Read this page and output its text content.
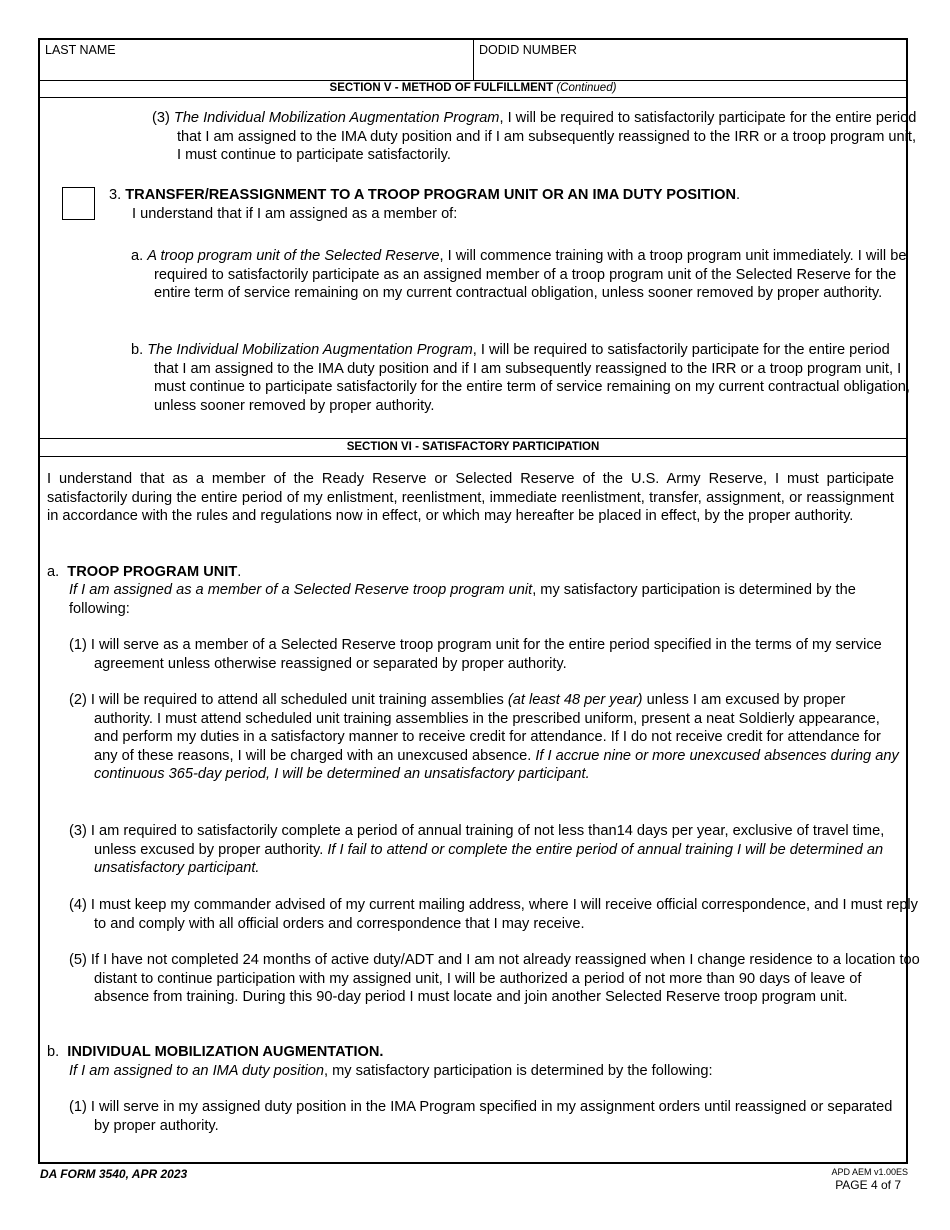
LAST NAME	DODID NUMBER
SECTION V - METHOD OF FULFILLMENT (Continued)
(3) The Individual Mobilization Augmentation Program, I will be required to satisfactorily participate for the entire period that I am assigned to the IMA duty position and if I am subsequently reassigned to the IRR or a troop program unit, I must continue to participate satisfactorily.
3. TRANSFER/REASSIGNMENT TO A TROOP PROGRAM UNIT OR AN IMA DUTY POSITION.
I understand that if I am assigned as a member of:
a. A troop program unit of the Selected Reserve, I will commence training with a troop program unit immediately. I will be required to satisfactorily participate as an assigned member of a troop program unit of the Selected Reserve for the entire term of service remaining on my current contractual obligation, unless sooner removed by proper authority.
b. The Individual Mobilization Augmentation Program, I will be required to satisfactorily participate for the entire period that I am assigned to the IMA duty position and if I am subsequently reassigned to the IRR or a troop program unit, I must continue to participate satisfactorily for the entire term of service remaining on my current contractual obligation, unless sooner removed by proper authority.
SECTION VI - SATISFACTORY PARTICIPATION
I understand that as a member of the Ready Reserve or Selected Reserve of the U.S. Army Reserve, I must participate satisfactorily during the entire period of my enlistment, reenlistment, immediate reenlistment, transfer, assignment, or reassignment in accordance with the rules and regulations now in effect, or which may hereafter be placed in effect, by the proper authority.
a. TROOP PROGRAM UNIT.
If I am assigned as a member of a Selected Reserve troop program unit, my satisfactory participation is determined by the following:
(1) I will serve as a member of a Selected Reserve troop program unit for the entire period specified in the terms of my service agreement unless otherwise reassigned or separated by proper authority.
(2) I will be required to attend all scheduled unit training assemblies (at least 48 per year) unless I am excused by proper authority. I must attend scheduled unit training assemblies in the prescribed uniform, present a neat Soldierly appearance, and perform my duties in a satisfactory manner to receive credit for attendance. If I do not receive credit for attendance for any of these reasons, I will be charged with an unexcused absence. If I accrue nine or more unexcused absences during any continuous 365-day period, I will be determined an unsatisfactory participant.
(3) I am required to satisfactorily complete a period of annual training of not less than14 days per year, exclusive of travel time, unless excused by proper authority. If I fail to attend or complete the entire period of annual training I will be determined an unsatisfactory participant.
(4) I must keep my commander advised of my current mailing address, where I will receive official correspondence, and I must reply to and comply with all official orders and correspondence that I may receive.
(5) If I have not completed 24 months of active duty/ADT and I am not already reassigned when I change residence to a location too distant to continue participation with my assigned unit, I will be authorized a period of not more than 90 days of leave of absence from training. During this 90-day period I must locate and join another Selected Reserve troop program unit.
b. INDIVIDUAL MOBILIZATION AUGMENTATION.
If I am assigned to an IMA duty position, my satisfactory participation is determined by the following:
(1) I will serve in my assigned duty position in the IMA Program specified in my assignment orders until reassigned or separated by proper authority.
DA FORM 3540, APR 2023	APD AEM v1.00ES
PAGE 4 of 7
